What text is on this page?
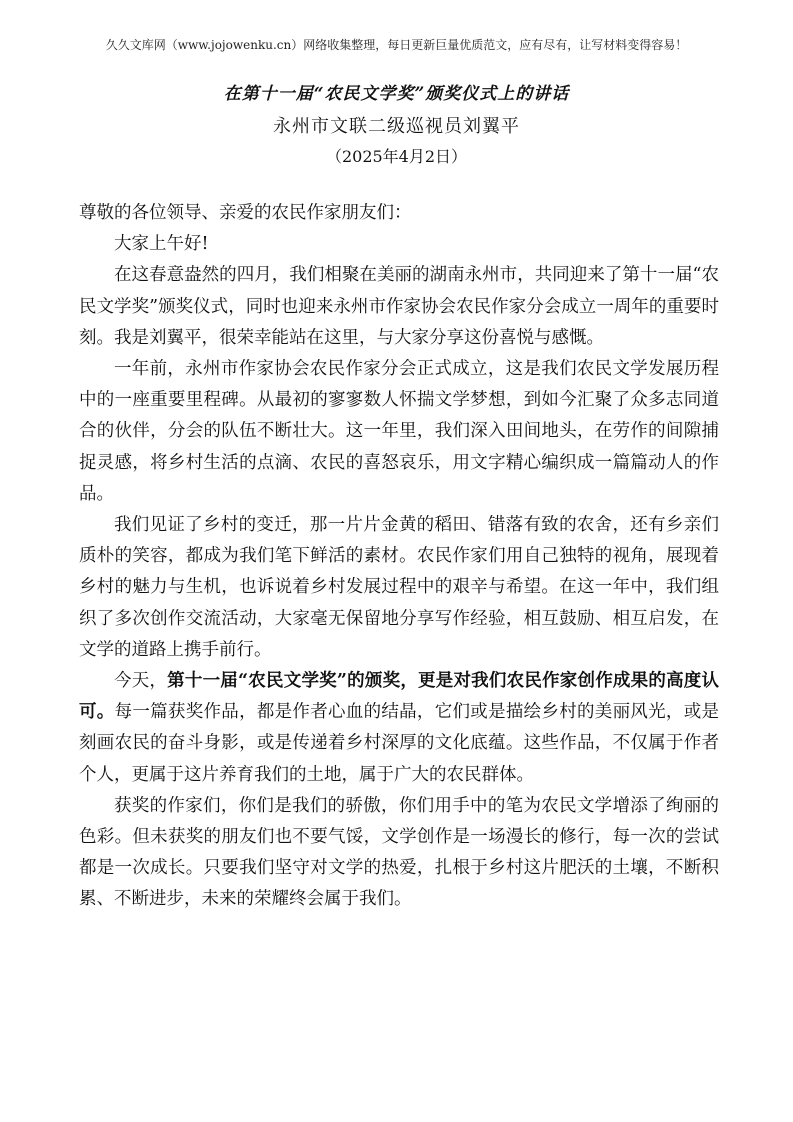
久久文库网（www.jojowenku.cn）网络收集整理，每日更新巨量优质范文，应有尽有，让写材料变得容易！
在第十一届“农民文学奖”颁奖仪式上的讲话
永州市文联二级巡视员刘翼平
（2025年4月2日）

尊敬的各位领导、亲爱的农民作家朋友们：

大家上午好!

在这春意盎然的四月，我们相聚在美丽的湖南永州市，共同迎来了第十一届“农民文学奖”颁奖仪式，同时也迎来永州市作家协会农民作家分会成立一周年的重要时刻。我是刘翼平，很荣幸能站在这里，与大家分享这份喜悦与感慨。

一年前，永州市作家协会农民作家分会正式成立，这是我们农民文学发展历程中的一座重要里程碑。从最初的寥寥数人怀揣文学梦想，到如今汇聚了众多志同道合的伙伴，分会的队伍不断壮大。这一年里，我们深入田间地头，在劳作的间隙捕捉灵感，将乡村生活的点滴、农民的喜怒哀乐，用文字精心编织成一篇篇动人的作品。

我们见证了乡村的变迁，那一片片金黄的稻田、错落有致的农舍，还有乡亲们质朴的笑容，都成为我们笔下鲜活的素材。农民作家们用自己独特的视角，展现着乡村的魅力与生机，也诉说着乡村发展过程中的艰辛与希望。在这一年中，我们组织了多次创作交流活动，大家毫无保留地分享写作经验，相互鼓励、相互启发，在文学的道路上携手前行。

今天，第十一届“农民文学奖”的颁奖，更是对我们农民作家创作成果的高度认可。每一篇获奖作品，都是作者心血的结晶，它们或是描绘乡村的美丽风光，或是刻画农民的奋斗身影，或是传递着乡村深厚的文化底蕴。这些作品，不仅属于作者个人，更属于这片养育我们的土地，属于广大的农民群体。

获奖的作家们，你们是我们的骄傲，你们用手中的笔为农民文学增添了绚丽的色彩。但未获奖的朋友们也不要气馁，文学创作是一场漫长的修行，每一次的尝试都是一次成长。只要我们坚守对文学的热爱，扎根于乡村这片肥沃的土壤，不断积累、不断进步，未来的荣耀终会属于我们。
